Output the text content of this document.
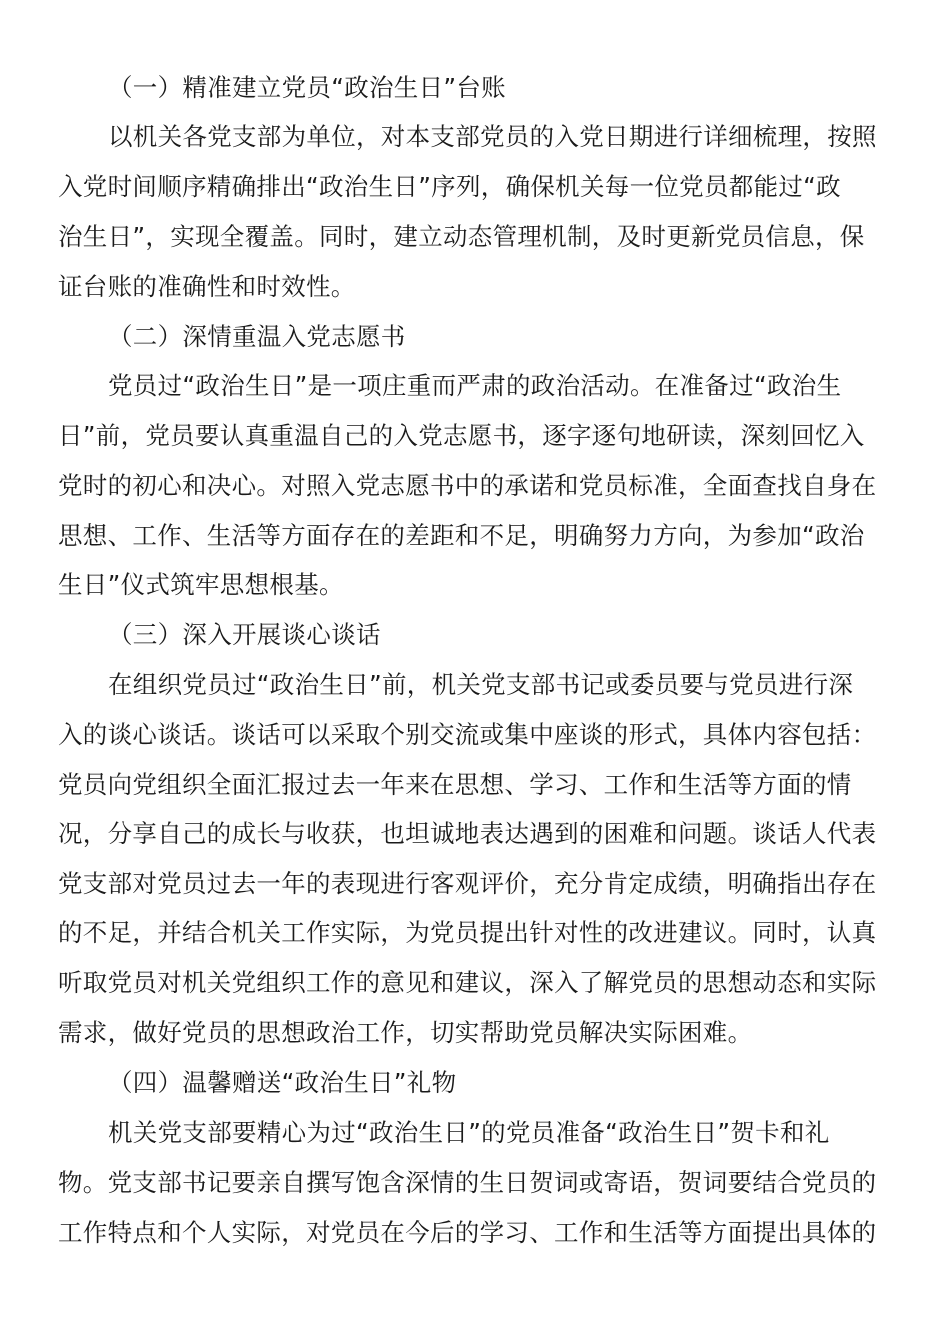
（一）精准建立党员“政治生日”台账
以机关各党支部为单位，对本支部党员的入党日期进行详细梳理，按照
入党时间顺序精确排出“政治生日”序列，确保机关每一位党员都能过“政
治生日”，实现全覆盖。同时，建立动态管理机制，及时更新党员信息，保
证台账的准确性和时效性。
（二）深情重温入党志愿书
党员过“政治生日”是一项庄重而严肃的政治活动。在准备过“政治生
日”前，党员要认真重温自己的入党志愿书，逐字逐句地研读，深刻回忆入
党时的初心和决心。对照入党志愿书中的承诺和党员标准，全面查找自身在
思想、工作、生活等方面存在的差距和不足，明确努力方向，为参加“政治
生日”仪式筑牢思想根基。
（三）深入开展谈心谈话
在组织党员过“政治生日”前，机关党支部书记或委员要与党员进行深
入的谈心谈话。谈话可以采取个别交流或集中座谈的形式，具体内容包括：
党员向党组织全面汇报过去一年来在思想、学习、工作和生活等方面的情
况，分享自己的成长与收获，也坦诚地表达遇到的困难和问题。谈话人代表
党支部对党员过去一年的表现进行客观评价，充分肯定成绩，明确指出存在
的不足，并结合机关工作实际，为党员提出针对性的改进建议。同时，认真
听取党员对机关党组织工作的意见和建议，深入了解党员的思想动态和实际
需求，做好党员的思想政治工作，切实帮助党员解决实际困难。
（四）温馨赠送“政治生日”礼物
机关党支部要精心为过“政治生日”的党员准备“政治生日”贺卡和礼
物。党支部书记要亲自撰写饱含深情的生日贺词或寄语，贺词要结合党员的
工作特点和个人实际，对党员在今后的学习、工作和生活等方面提出具体的
